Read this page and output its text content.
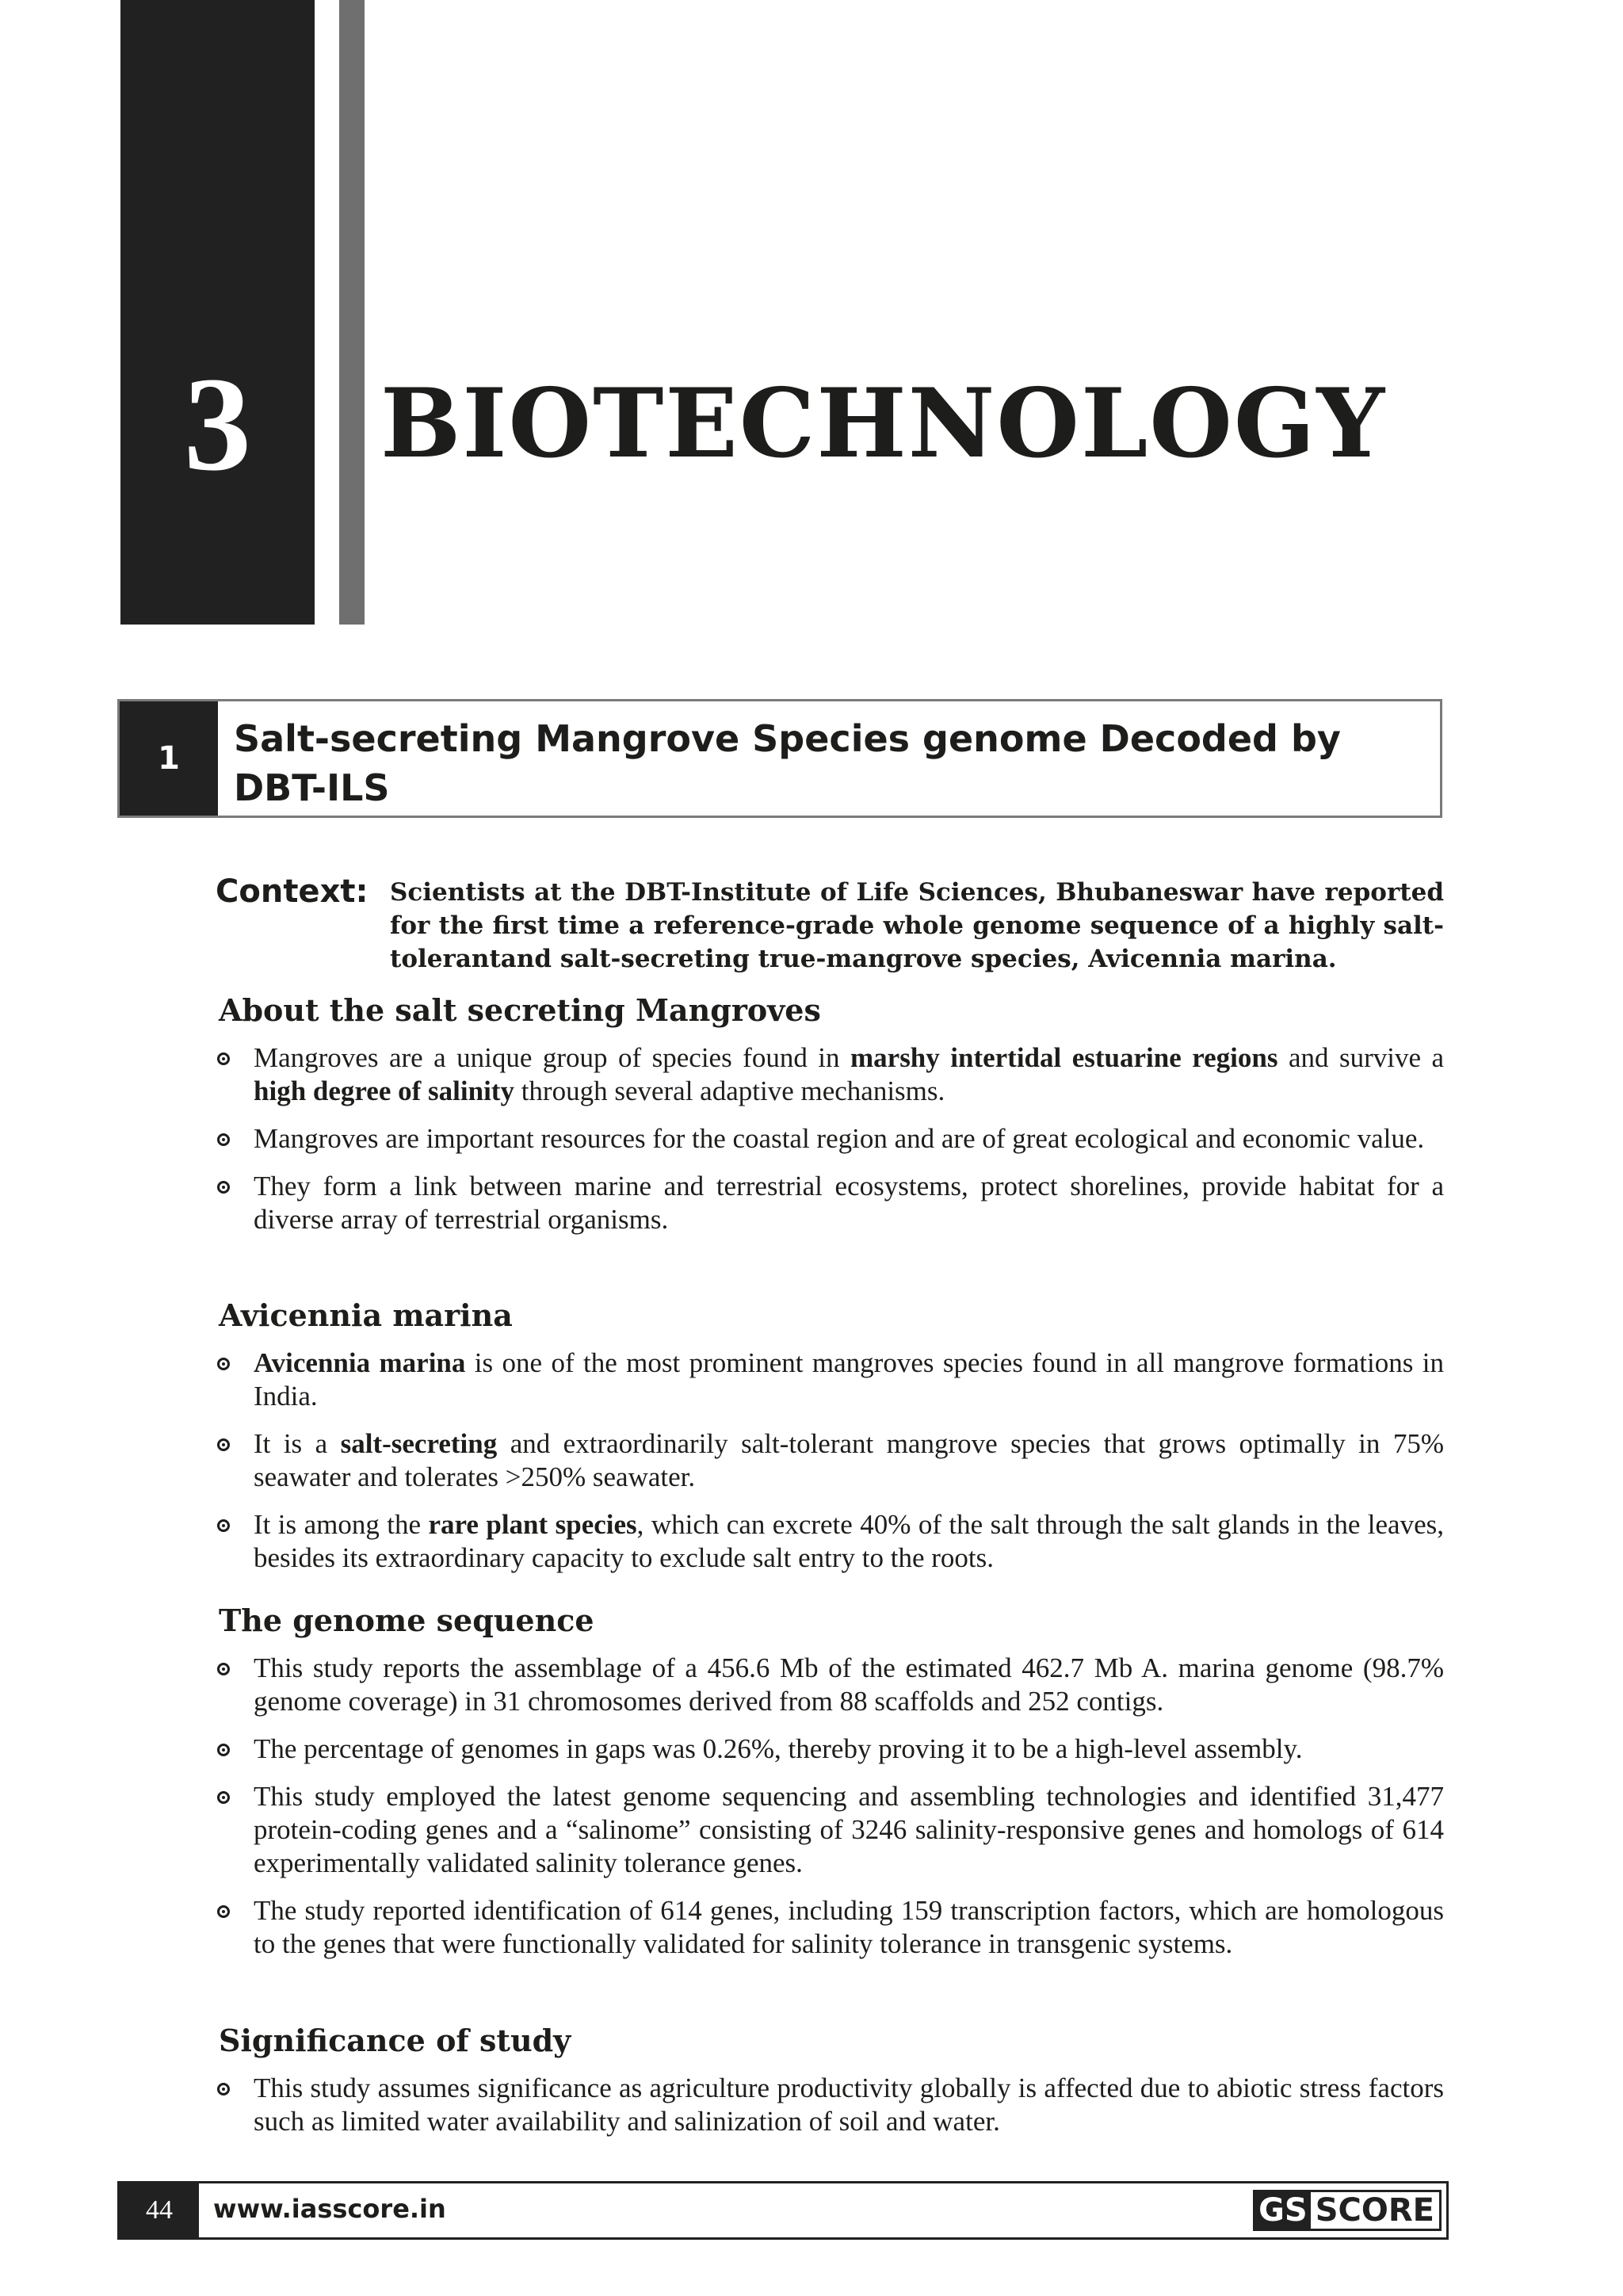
3	BIOTECHNOLOGY
1	Salt-secreting Mangrove Species genome Decoded by DBT-ILS
Context: Scientists at the DBT-Institute of Life Sciences, Bhubaneswar have reported for the first time a reference-grade whole genome sequence of a highly salt-tolerantand salt-secreting true-mangrove species, Avicennia marina.
About the salt secreting Mangroves
Mangroves are a unique group of species found in marshy intertidal estuarine regions and survive a high degree of salinity through several adaptive mechanisms.
Mangroves are important resources for the coastal region and are of great ecological and economic value.
They form a link between marine and terrestrial ecosystems, protect shorelines, provide habitat for a diverse array of terrestrial organisms.
Avicennia marina
Avicennia marina is one of the most prominent mangroves species found in all mangrove formations in India.
It is a salt-secreting and extraordinarily salt-tolerant mangrove species that grows optimally in 75% seawater and tolerates >250% seawater.
It is among the rare plant species, which can excrete 40% of the salt through the salt glands in the leaves, besides its extraordinary capacity to exclude salt entry to the roots.
The genome sequence
This study reports the assemblage of a 456.6 Mb of the estimated 462.7 Mb A. marina genome (98.7% genome coverage) in 31 chromosomes derived from 88 scaffolds and 252 contigs.
The percentage of genomes in gaps was 0.26%, thereby proving it to be a high-level assembly.
This study employed the latest genome sequencing and assembling technologies and identified 31,477 protein-coding genes and a “salinome” consisting of 3246 salinity-responsive genes and homologs of 614 experimentally validated salinity tolerance genes.
The study reported identification of 614 genes, including 159 transcription factors, which are homologous to the genes that were functionally validated for salinity tolerance in transgenic systems.
Significance of study
This study assumes significance as agriculture productivity globally is affected due to abiotic stress factors such as limited water availability and salinization of soil and water.
44	www.iasscore.in	GS SCORE
